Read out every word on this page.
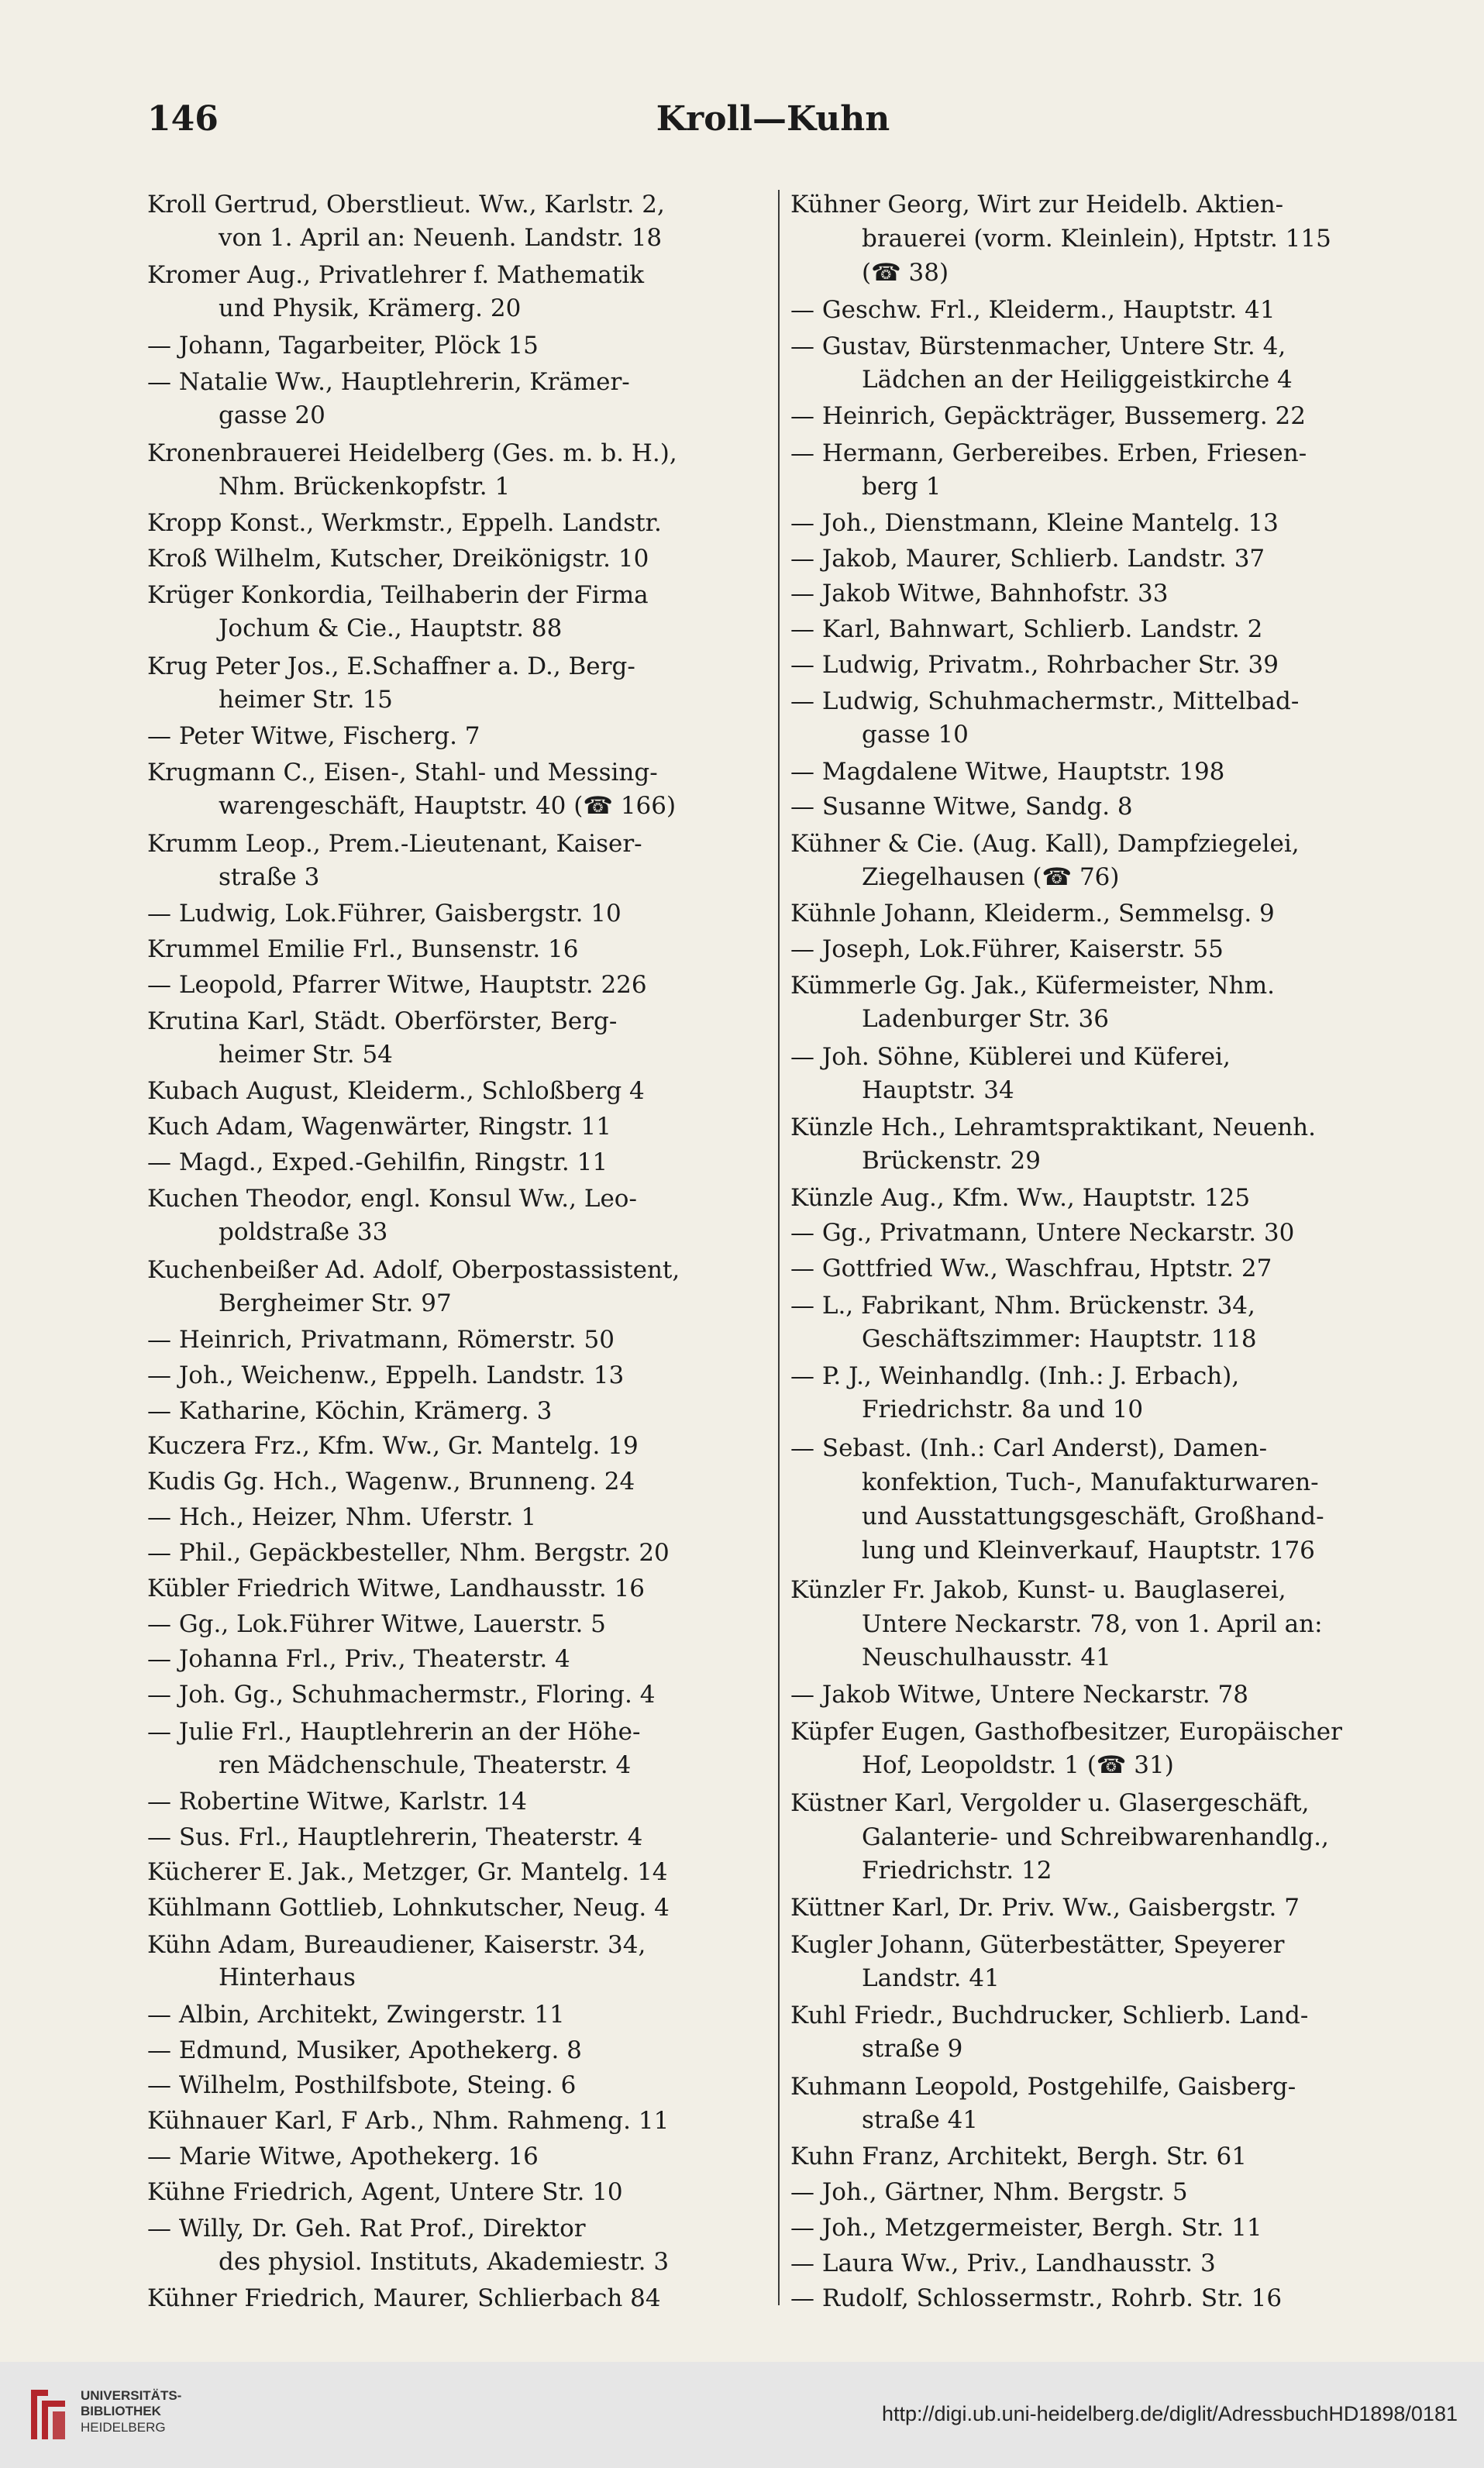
146	Kroll—Kuhn
Kroll Gertrud, Oberstlieut. Ww., Karlstr. 2,
von 1. April an: Neuenh. Landstr. 18
Kromer Aug., Privatlehrer f. Mathematik
und Physik, Krämerg. 20
— Johann, Tagarbeiter, Plöck 15
— Natalie Ww., Hauptlehrerin, Krämer-
gasse 20
Kronenbrauerei Heidelberg (Ges. m. b. H.),
Nhm. Brückenkopfstr. 1
Kropp Konst., Werkmstr., Eppelh. Landstr.
Kroß Wilhelm, Kutscher, Dreikönigstr. 10
Krüger Konkordia, Teilhaberin der Firma
Jochum & Cie., Hauptstr. 88
Krug Peter Jos., E.Schaffner a. D., Berg-
heimer Str. 15
— Peter Witwe, Fischerg. 7
Krugmann C., Eisen-, Stahl- und Messing-
warengeschäft, Hauptstr. 40 (☎ 166)
Krumm Leop., Prem.-Lieutenant, Kaiser-
straße 3
— Ludwig, Lok.Führer, Gaisbergstr. 10
Krummel Emilie Frl., Bunsenstr. 16
— Leopold, Pfarrer Witwe, Hauptstr. 226
Krutina Karl, Städt. Oberförster, Berg-
heimer Str. 54
Kubach August, Kleiderm., Schloßberg 4
Kuch Adam, Wagenwärter, Ringstr. 11
— Magd., Exped.-Gehilfin, Ringstr. 11
Kuchen Theodor, engl. Konsul Ww., Leo-
poldstraße 33
Kuchenbeißer Ad. Adolf, Oberpostassistent,
Bergheimer Str. 97
— Heinrich, Privatmann, Römerstr. 50
— Joh., Weichenw., Eppelh. Landstr. 13
— Katharine, Köchin, Krämerg. 3
Kuczera Frz., Kfm. Ww., Gr. Mantelg. 19
Kudis Gg. Hch., Wagenw., Brunneng. 24
— Hch., Heizer, Nhm. Uferstr. 1
— Phil., Gepäckbesteller, Nhm. Bergstr. 20
Kübler Friedrich Witwe, Landhausstr. 16
— Gg., Lok.Führer Witwe, Lauerstr. 5
— Johanna Frl., Priv., Theaterstr. 4
— Joh. Gg., Schuhmachermstr., Floring. 4
— Julie Frl., Hauptlehrerin an der Höhe-
ren Mädchenschule, Theaterstr. 4
— Robertine Witwe, Karlstr. 14
— Sus. Frl., Hauptlehrerin, Theaterstr. 4
Kücherer E. Jak., Metzger, Gr. Mantelg. 14
Kühlmann Gottlieb, Lohnkutscher, Neug. 4
Kühn Adam, Bureaudiener, Kaiserstr. 34,
Hinterhaus
— Albin, Architekt, Zwingerstr. 11
— Edmund, Musiker, Apothekerg. 8
— Wilhelm, Posthilfsbote, Steing. 6
Kühnauer Karl, F Arb., Nhm. Rahmeng. 11
— Marie Witwe, Apothekerg. 16
Kühne Friedrich, Agent, Untere Str. 10
— Willy, Dr. Geh. Rat Prof., Direktor
des physiol. Instituts, Akademiestr. 3
Kühner Friedrich, Maurer, Schlierbach 84
Kühner Georg, Wirt zur Heidelb. Aktien-
brauerei (vorm. Kleinlein), Hptstr. 115
(☎ 38)
— Geschw. Frl., Kleiderm., Hauptstr. 41
— Gustav, Bürstenmacher, Untere Str. 4,
Lädchen an der Heiliggeistkirche 4
— Heinrich, Gepäckträger, Bussemerg. 22
— Hermann, Gerbereibes. Erben, Friesen-
berg 1
— Joh., Dienstmann, Kleine Mantelg. 13
— Jakob, Maurer, Schlierb. Landstr. 37
— Jakob Witwe, Bahnhofstr. 33
— Karl, Bahnwart, Schlierb. Landstr. 2
— Ludwig, Privatm., Rohrbacher Str. 39
— Ludwig, Schuhmachermstr., Mittelbad-
gasse 10
— Magdalene Witwe, Hauptstr. 198
— Susanne Witwe, Sandg. 8
Kühner & Cie. (Aug. Kall), Dampfziegelei,
Ziegelhausen (☎ 76)
Kühnle Johann, Kleiderm., Semmelsg. 9
— Joseph, Lok.Führer, Kaiserstr. 55
Kümmerle Gg. Jak., Küfermeister, Nhm.
Ladenburger Str. 36
— Joh. Söhne, Küblerei und Küferei,
Hauptstr. 34
Künzle Hch., Lehramtspraktikant, Neuenh.
Brückenstr. 29
Künzle Aug., Kfm. Ww., Hauptstr. 125
— Gg., Privatmann, Untere Neckarstr. 30
— Gottfried Ww., Waschfrau, Hptstr. 27
— L., Fabrikant, Nhm. Brückenstr. 34,
Geschäftszimmer: Hauptstr. 118
— P. J., Weinhandlg. (Inh.: J. Erbach),
Friedrichstr. 8a und 10
— Sebast. (Inh.: Carl Anderst), Damen-
konfektion, Tuch-, Manufakturwaren-
und Ausstattungsgeschäft, Großhand-
lung und Kleinverkauf, Hauptstr. 176
Künzler Fr. Jakob, Kunst- u. Bauglaserei,
Untere Neckarstr. 78, von 1. April an:
Neuschulhausstr. 41
— Jakob Witwe, Untere Neckarstr. 78
Küpfer Eugen, Gasthofbesitzer, Europäischer
Hof, Leopoldstr. 1 (☎ 31)
Küstner Karl, Vergolder u. Glasergeschäft,
Galanterie- und Schreibwarenhandlg.,
Friedrichstr. 12
Küttner Karl, Dr. Priv. Ww., Gaisbergstr. 7
Kugler Johann, Güterbestätter, Speyerer
Landstr. 41
Kuhl Friedr., Buchdrucker, Schlierb. Land-
straße 9
Kuhmann Leopold, Postgehilfe, Gaisberg-
straße 41
Kuhn Franz, Architekt, Bergh. Str. 61
— Joh., Gärtner, Nhm. Bergstr. 5
— Joh., Metzgermeister, Bergh. Str. 11
— Laura Ww., Priv., Landhausstr. 3
— Rudolf, Schlossermstr., Rohrb. Str. 16
UNIVERSITÄTS-
BIBLIOTHEK
HEIDELBERG
http://digi.ub.uni-heidelberg.de/diglit/AdressbuchHD1898/0181
